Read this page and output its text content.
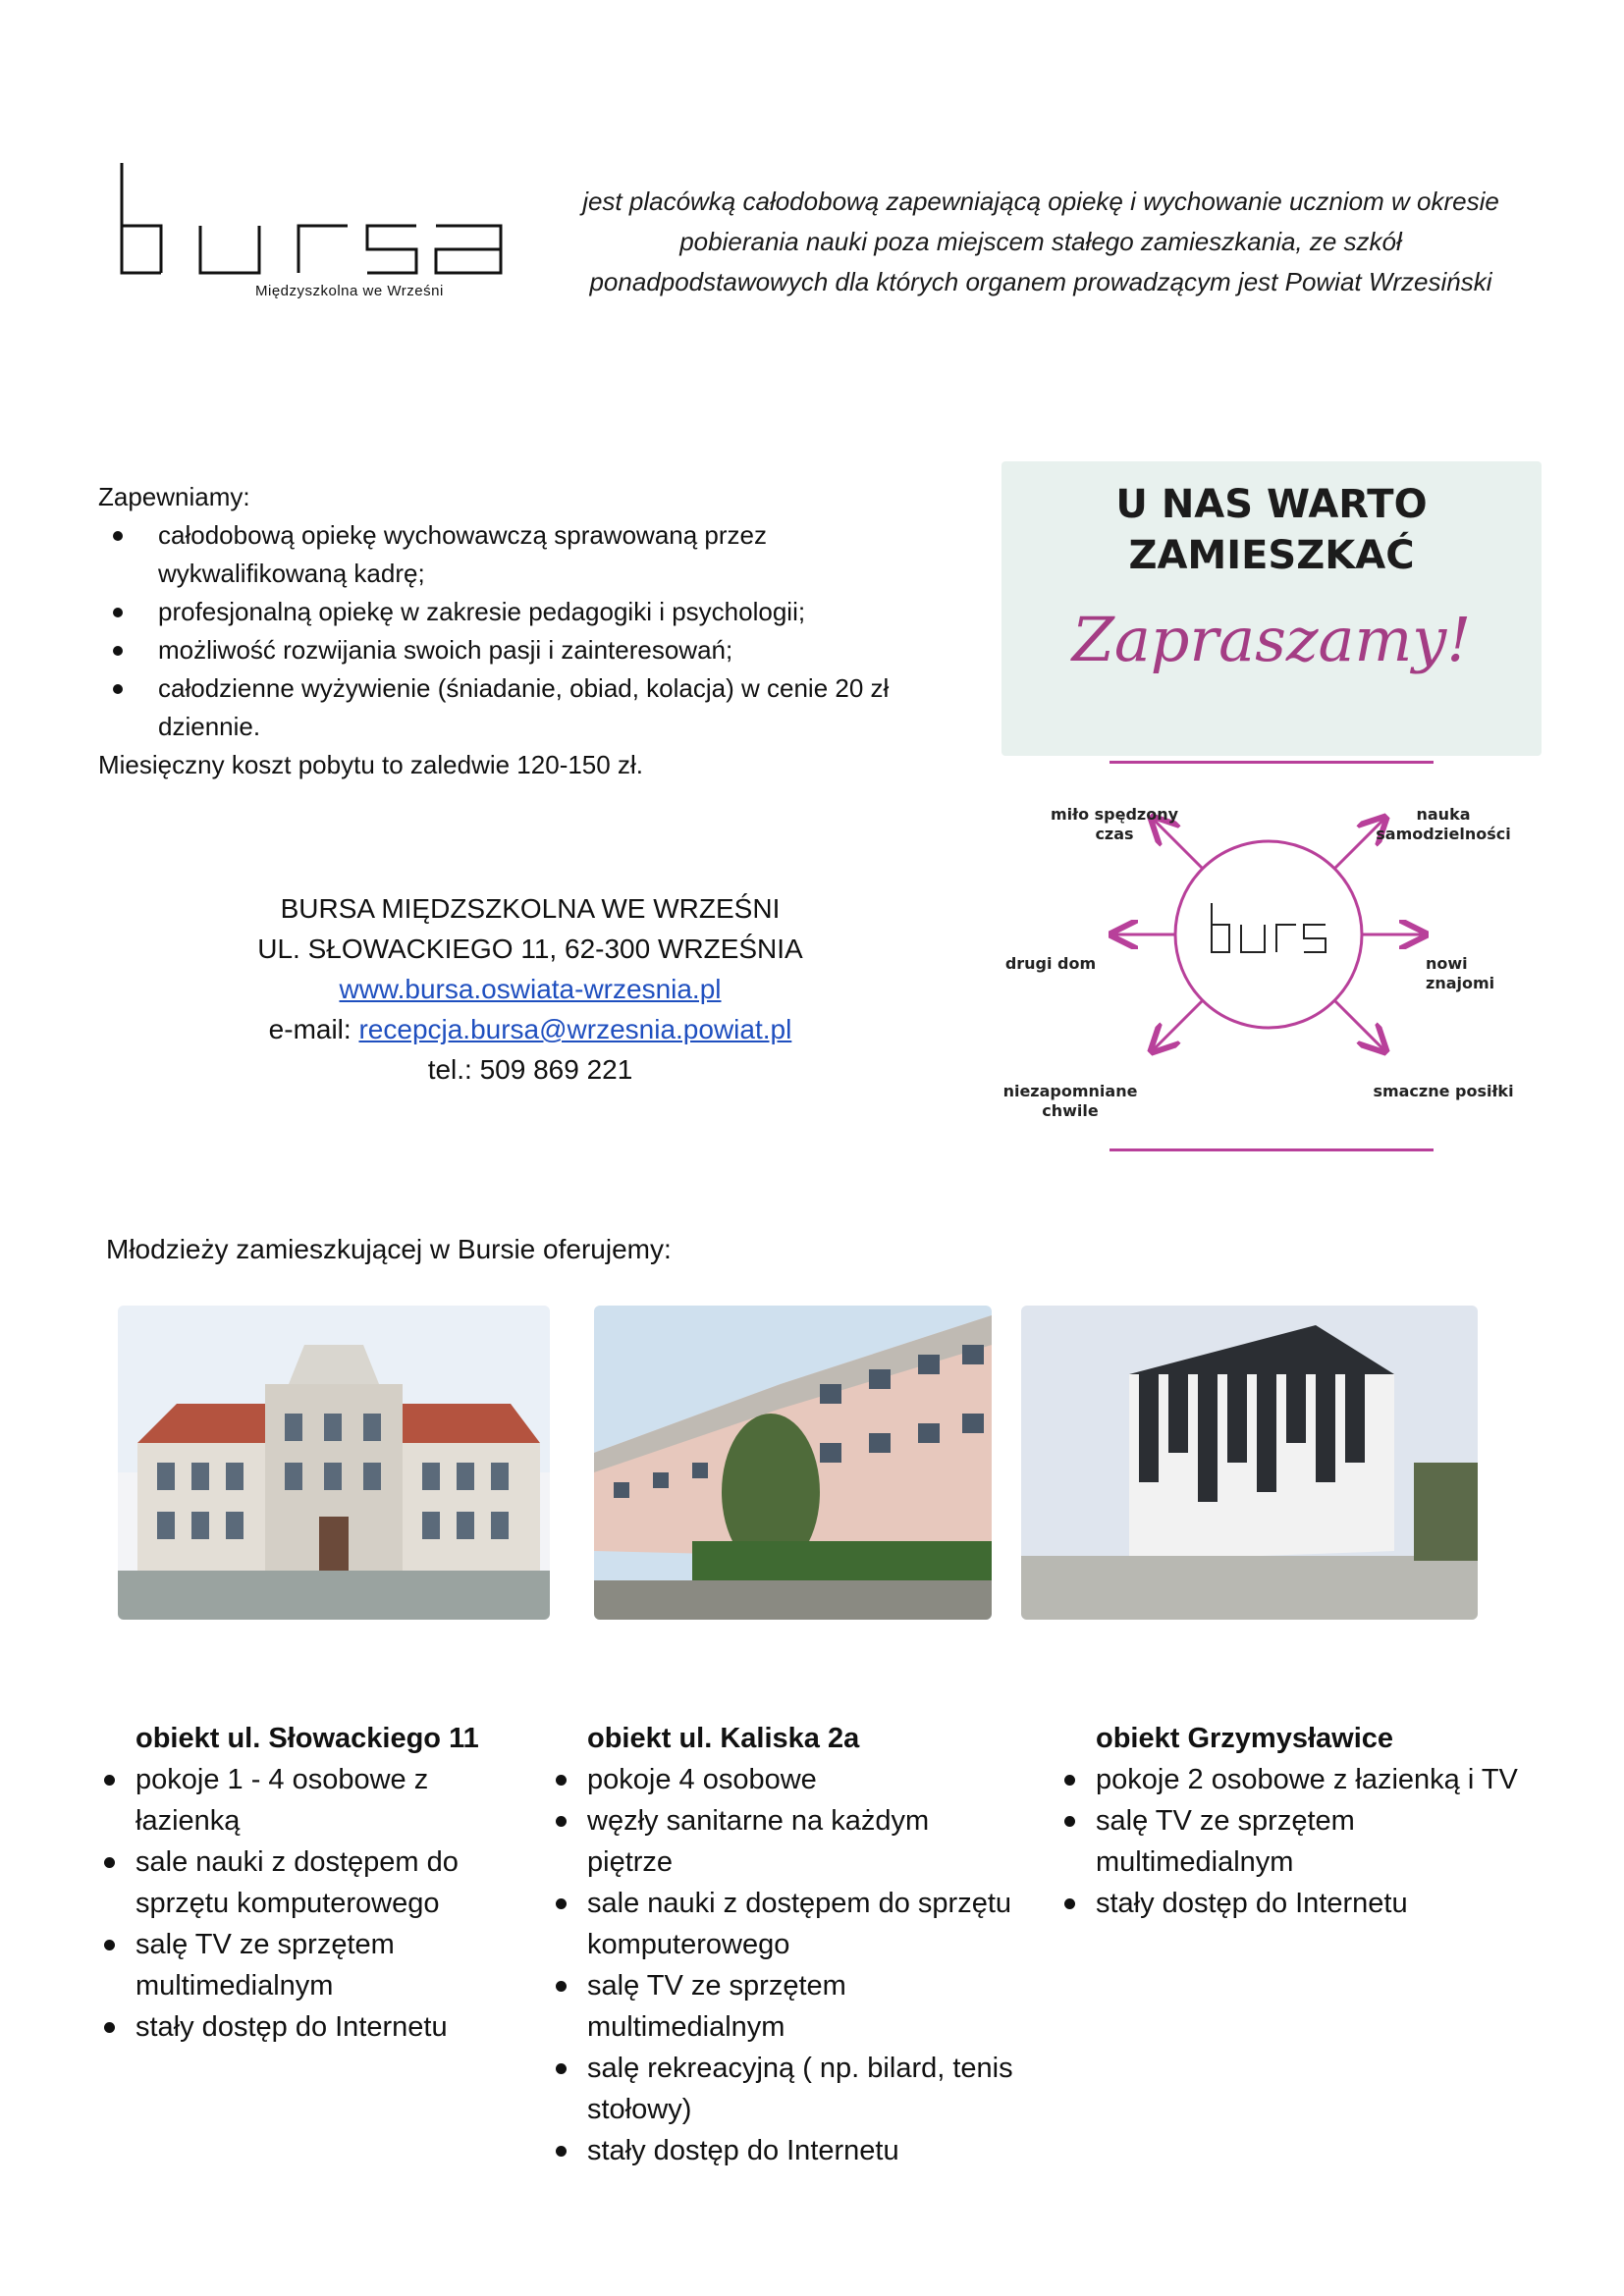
Międzyszkolna we Wrześni
jest placówką całodobową zapewniającą opiekę i wychowanie uczniom w okresie
pobierania nauki poza miejscem stałego zamieszkania, ze szkół
ponadpodstawowych dla których organem prowadzącym jest Powiat Wrzesiński
Zapewniamy:
całodobową opiekę wychowawczą sprawowaną przez wykwalifikowaną kadrę;
profesjonalną opiekę w zakresie pedagogiki i psychologii;
możliwość rozwijania swoich pasji i zainteresowań;
całodzienne wyżywienie (śniadanie, obiad, kolacja) w cenie 20 zł dziennie.
Miesięczny koszt pobytu to zaledwie 120-150 zł.
BURSA MIĘDZSZKOLNA WE WRZEŚNI
UL. SŁOWACKIEGO 11, 62-300 WRZEŚNIA
www.bursa.oswiata-wrzesnia.pl
e-mail: recepcja.bursa@wrzesnia.powiat.pl
tel.: 509 869 221
U NAS WARTO
ZAMIESZKAĆ
Zapraszamy!
miło spędzony
czas
nauka
samodzielności
drugi dom	nowi znajomi
niezapomniane
chwile
smaczne posiłki
Młodzieży zamieszkującej w Bursie oferujemy:
obiekt ul. Słowackiego 11
pokoje 1 - 4 osobowe z łazienką
sale nauki z dostępem do sprzętu komputerowego
salę TV ze sprzętem multimedialnym
stały dostęp do Internetu
obiekt ul. Kaliska 2a
pokoje 4 osobowe
węzły sanitarne na każdym piętrze
sale nauki z dostępem do sprzętu komputerowego
salę TV ze sprzętem multimedialnym
salę rekreacyjną ( np. bilard, tenis stołowy)
stały dostęp do Internetu
obiekt Grzymysławice
pokoje 2 osobowe z łazienką i TV
salę TV ze sprzętem multimedialnym
stały dostęp do Internetu
